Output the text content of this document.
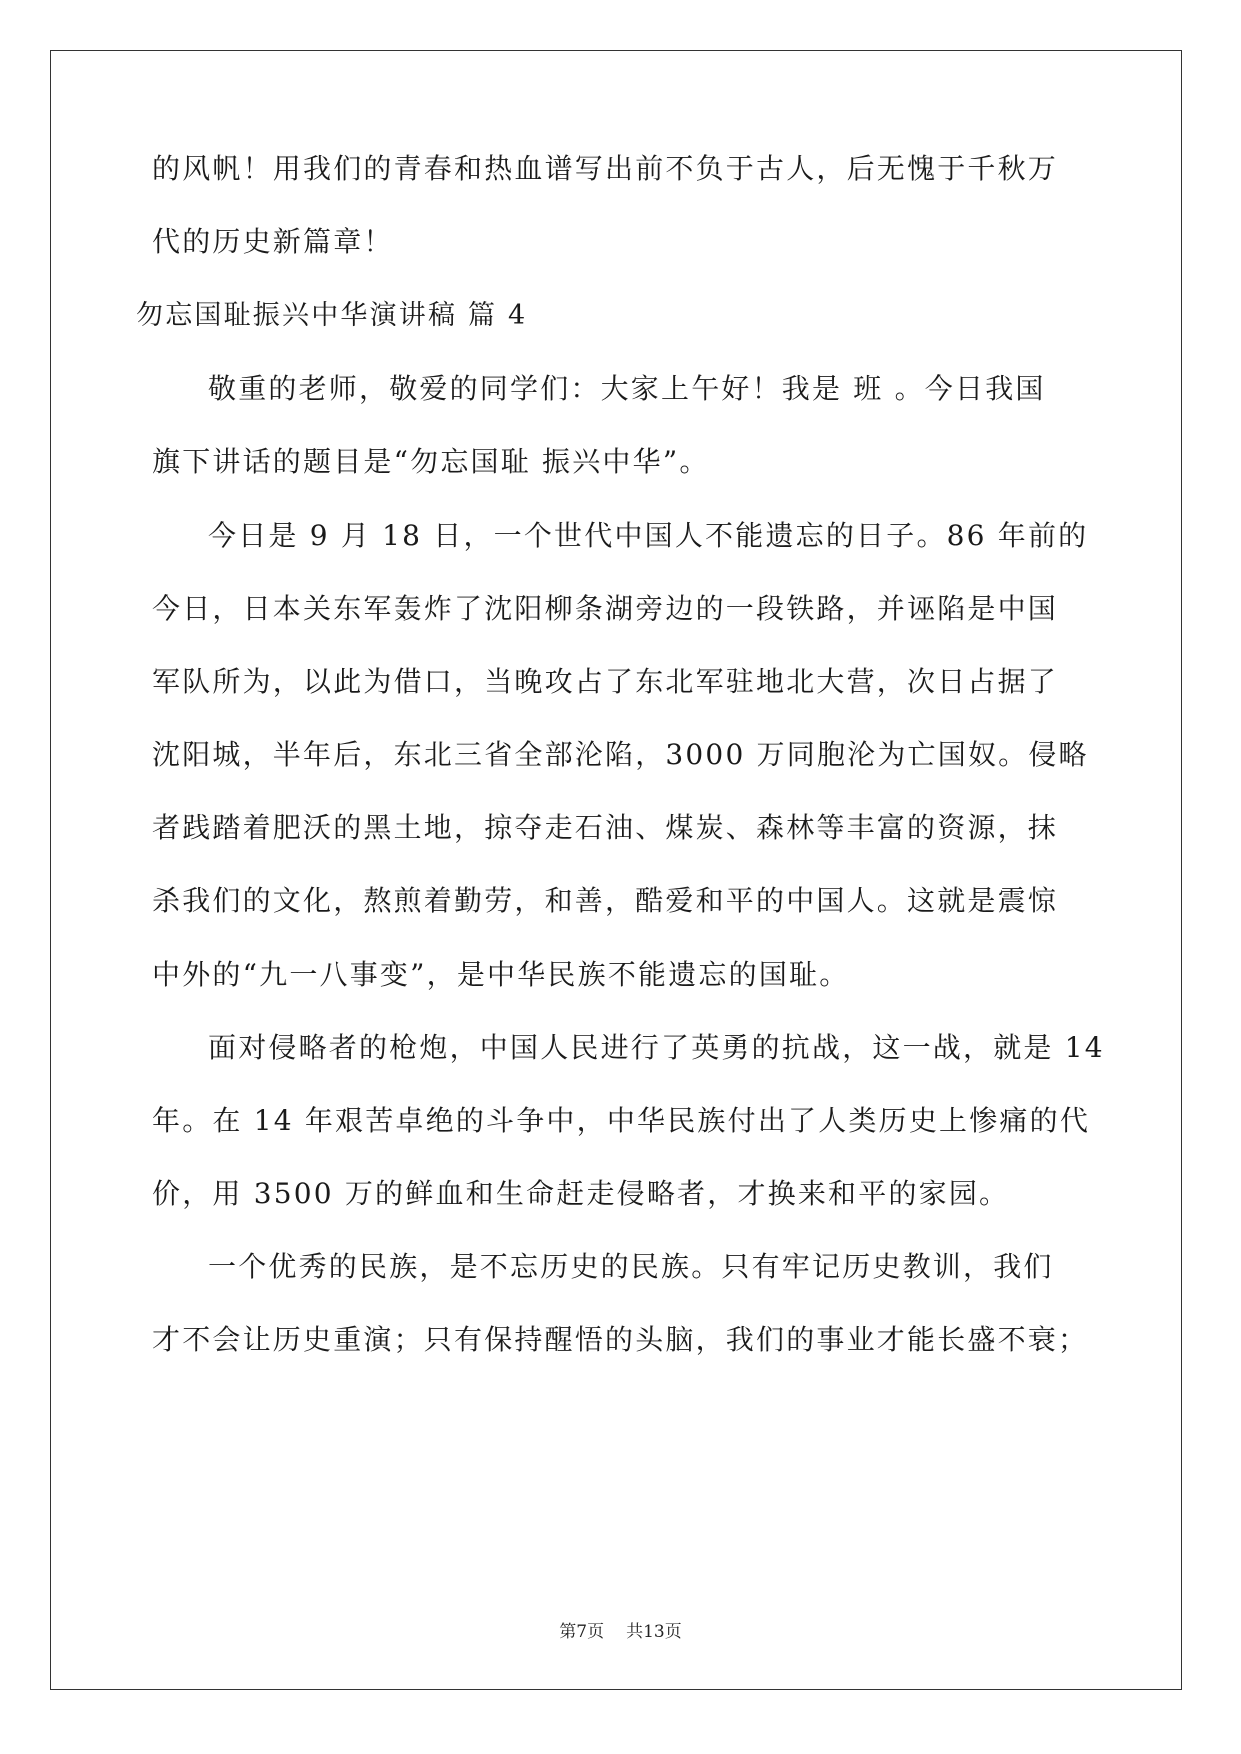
的风帆！用我们的青春和热血谱写出前不负于古人，后无愧于千秋万

代的历史新篇章！

勿忘国耻振兴中华演讲稿 篇 4

敬重的老师，敬爱的同学们：大家上午好！我是 班 。今日我国

旗下讲话的题目是“勿忘国耻 振兴中华”。

今日是 9 月 18 日，一个世代中国人不能遗忘的日子。86 年前的

今日，日本关东军轰炸了沈阳柳条湖旁边的一段铁路，并诬陷是中国

军队所为，以此为借口，当晚攻占了东北军驻地北大营，次日占据了

沈阳城，半年后，东北三省全部沦陷，3000 万同胞沦为亡国奴。侵略

者践踏着肥沃的黑土地，掠夺走石油、煤炭、森林等丰富的资源，抹

杀我们的文化，熬煎着勤劳，和善，酷爱和平的中国人。这就是震惊

中外的“九一八事变”，是中华民族不能遗忘的国耻。

面对侵略者的枪炮，中国人民进行了英勇的抗战，这一战，就是 14

年。在 14 年艰苦卓绝的斗争中，中华民族付出了人类历史上惨痛的代

价，用 3500 万的鲜血和生命赶走侵略者，才换来和平的家园。

一个优秀的民族，是不忘历史的民族。只有牢记历史教训，我们

才不会让历史重演；只有保持醒悟的头脑，我们的事业才能长盛不衰；

第7页 共13页
